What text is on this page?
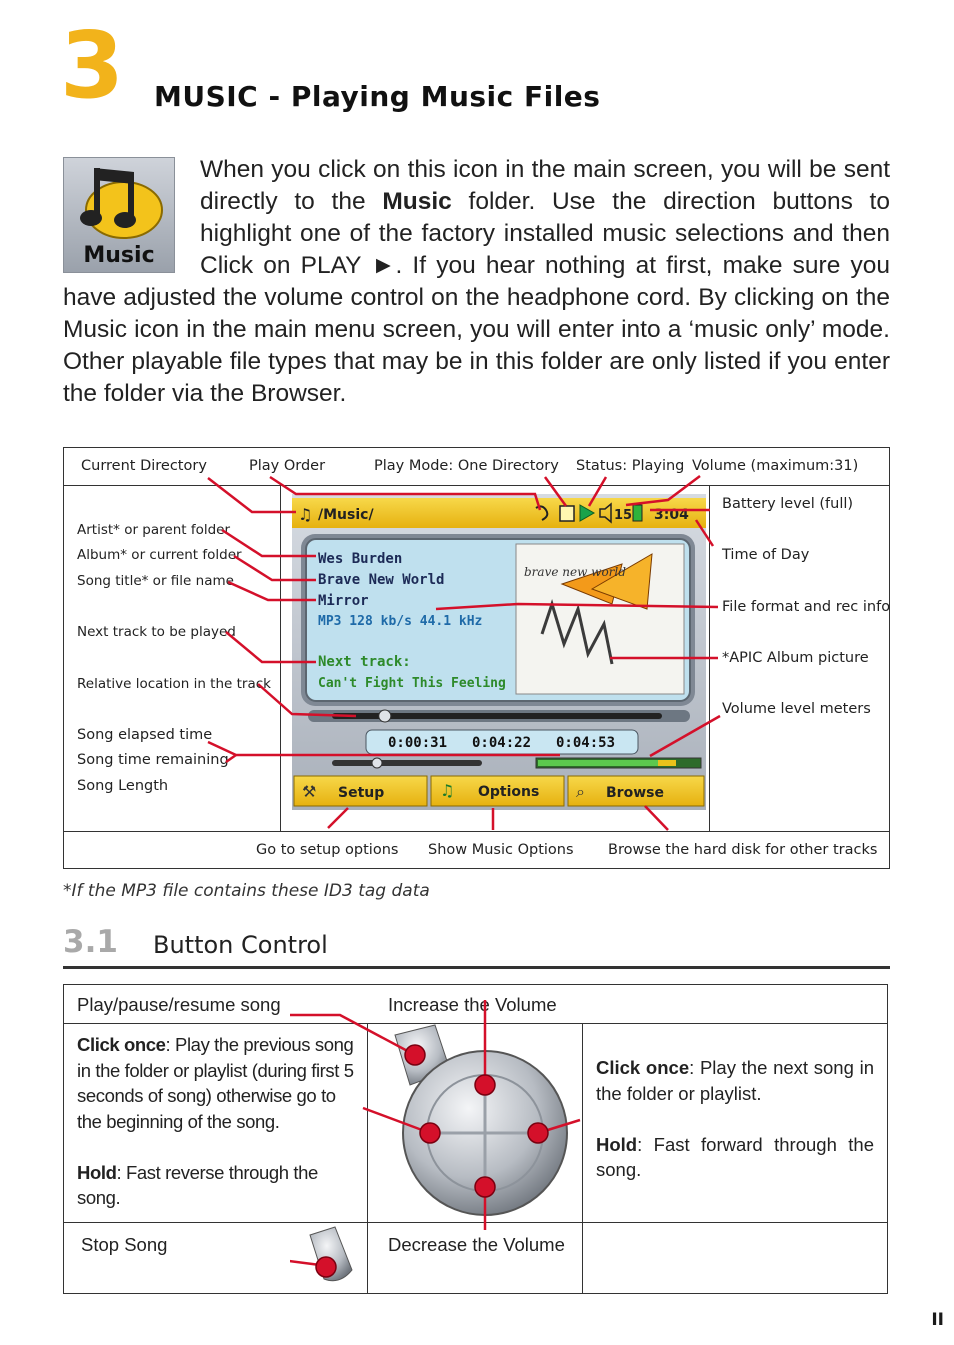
3 MUSIC - Playing Music Files
Music
When you click on this icon in the main screen, you will be sent directly to the Music folder. Use the direction buttons to highlight one of the factory installed music selections and then Click on PLAY ►. If you hear nothing at first, make sure you have adjusted the volume control on the headphone cord. By clicking on the Music icon in the main menu screen, you will enter into a ‘music only’ mode. Other playable file types that may be in this folder are only listed if you enter the folder via the Browser.
Current Directory	Play Order	Play Mode: One Directory Status: Playing Volume (maximum:31)
Artist* or parent folder
Album* or current folder
Song title* or file name
Next track to be played
Relative location in the track
Song elapsed time
Song time remaining
Song Length
Battery level (full)
Time of Day
File format and rec info
*APIC Album picture
Volume level meters
Go to setup options Show Music Options Browse the hard disk for other tracks
♫ /Music/	15 3:04
Wes Burden
Brave New World
Mirror
MP3 128 kb/s 44.1 kHz
Next track:
Can't Fight This Feeling
brave new world
0:00:31 0:04:22 0:04:53
Setup	Options	Browse
⚒	♫	⌕
*If the MP3 file contains these ID3 tag data
3.1 Button Control
Play/pause/resume song	Increase the Volume
Click once: Play the previous song in the folder or playlist (during first 5 seconds of song) otherwise go to the beginning of the song.

Hold: Fast reverse through the song.
Click once: Play the next song in the folder or playlist.

Hold: Fast forward through the song.
Stop Song	Decrease the Volume
II
